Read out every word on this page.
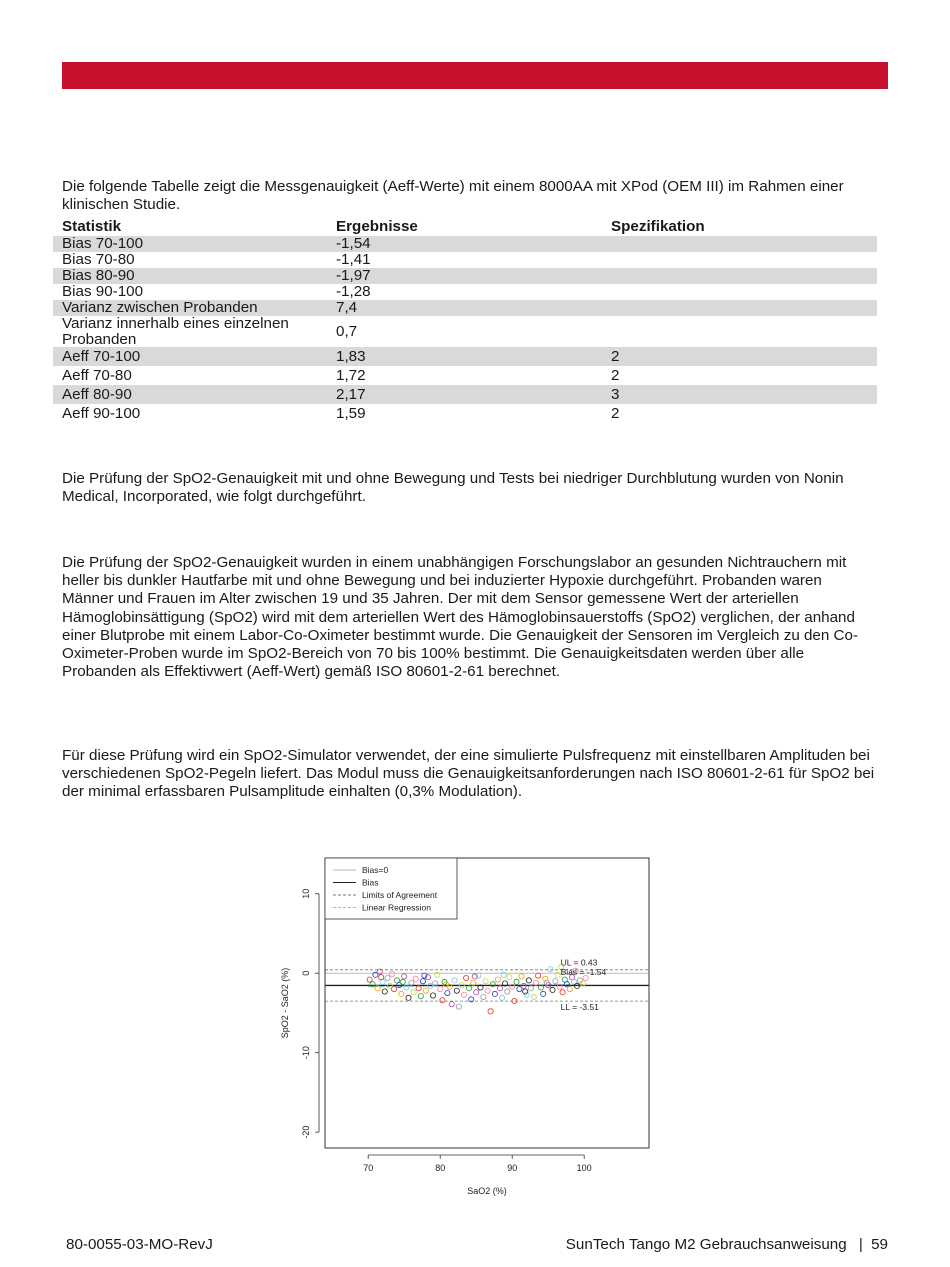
Die folgende Tabelle zeigt die Messgenauigkeit (Aeff-Werte) mit einem 8000AA mit XPod (OEM III) im Rahmen einer klinischen Studie.

Statistik	Ergebnisse	Spezifikation
Bias 70-100	-1,54	
Bias 70-80	-1,41	
Bias 80-90	-1,97	
Bias 90-100	-1,28	
Varianz zwischen Probanden	7,4	
Varianz innerhalb eines einzelnen Probanden	0,7	
Aeff 70-100	1,83	2
Aeff 70-80	1,72	2
Aeff 80-90	2,17	3
Aeff 90-100	1,59	2

Die Prüfung der SpO2-Genauigkeit mit und ohne Bewegung und Tests bei niedriger Durchblutung wurden von Nonin Medical, Incorporated, wie folgt durchgeführt.

Die Prüfung der SpO2-Genauigkeit wurden in einem unabhängigen Forschungslabor an gesunden Nichtrauchern mit heller bis dunkler Hautfarbe mit und ohne Bewegung und bei induzierter Hypoxie durchgeführt. Probanden waren Männer und Frauen im Alter zwischen 19 und 35 Jahren. Der mit dem Sensor gemessene Wert der arteriellen Hämoglobinsättigung (SpO2) wird mit dem arteriellen Wert des Hämoglobinsauerstoffs (SpO2) verglichen, der anhand einer Blutprobe mit einem Labor-Co-Oximeter bestimmt wurde. Die Genauigkeit der Sensoren im Vergleich zu den Co-Oximeter-Proben wurde im SpO2-Bereich von 70 bis 100% bestimmt. Die Genauigkeitsdaten werden über alle Probanden als Effektivwert (Aeff-Wert) gemäß ISO 80601-2-61 berechnet.

Für diese Prüfung wird ein SpO2-Simulator verwendet, der eine simulierte Pulsfrequenz mit einstellbaren Amplituden bei verschiedenen SpO2-Pegeln liefert. Das Modul muss die Genauigkeitsanforderungen nach ISO 80601-2-61 für SpO2 bei der minimal erfassbaren Pulsamplitude einhalten (0,3% Modulation).

70	80	90	100
10
0
-10
-20
Bias=0
Bias
Limits of Agreement
Linear Regression
UL = 0.43
Bias = -1.54
LL = -3.51
SaO2 (%)
SpO2 - SaO2 (%)
80-0055-03-MO-RevJ	SunTech Tango M2 Gebrauchsanweisung | 59
